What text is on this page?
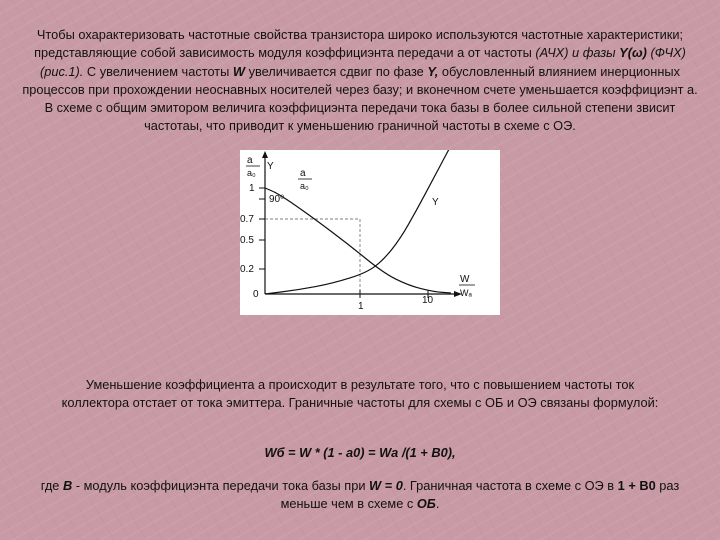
Чтобы охарактеризовать частотные свойства транзистора широко используются частотные характеристики; представляющие собой зависимость модуля коэффициэнта передачи а от частоты (АЧХ) и фазы Y(ω) (ФЧХ)(рис.1). С увеличением частоты W увеличивается сдвиг по фазе Y, обусловленный влиянием инерционных процессов при прохождении неоснавных носителей через базу; и вконечном счете уменьшается коэффициэнт а. В схеме с общим эмитором величига коэффициэнта передачи тока базы в более сильной степени звисит частотаы, что приводит к уменьшению граничной частоты в схеме с ОЭ.

а
а₀
Y
1
90⁰
0.7
0.5
0.2
0
1
10
а
а₀
Y
W
Wₐ

Уменьшение коэффициента а происходит в результате того, что с повышением частоты ток коллектора отстает от тока эмиттера. Граничные частоты для схемы с ОБ и ОЭ связаны формулой:

Wб = W * (1 - а0) = Wа /(1 + B0),

где B - модуль коэффициэнта передачи тока базы при W = 0. Граничная частота в схеме с ОЭ в 1 + B0 раз меньше чем в схеме с ОБ.
